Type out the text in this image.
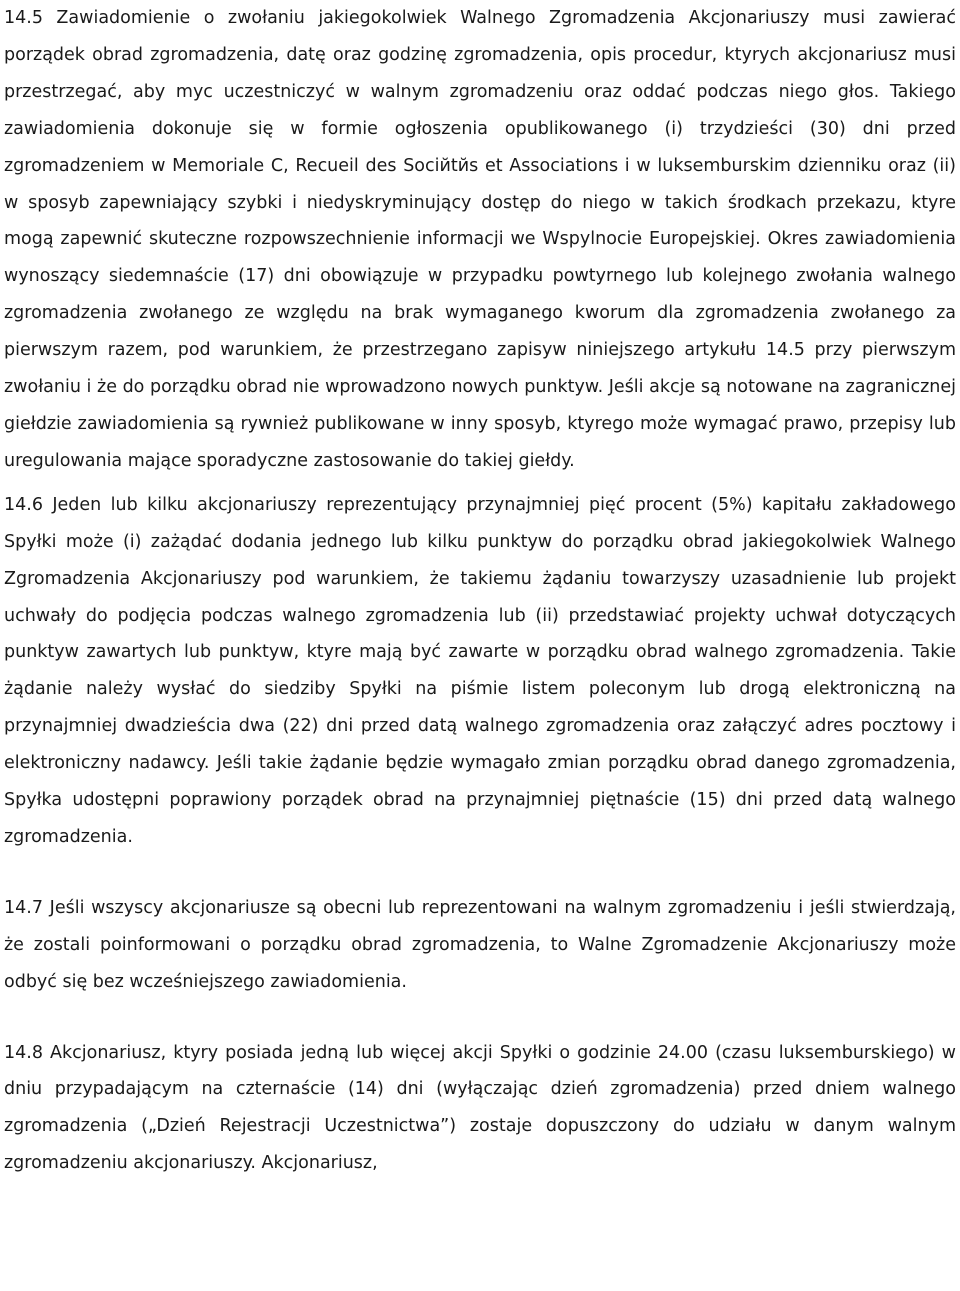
14.5 Zawiadomienie o zwołaniu jakiegokolwiek Walnego Zgromadzenia Akcjonariuszy musi zawierać porządek obrad zgromadzenia, datę oraz godzinę zgromadzenia, opis procedur, ktyrych akcjonariusz musi przestrzegać, aby myc uczestniczyć w walnym zgromadzeniu oraz oddać podczas niego głos. Takiego zawiadomienia dokonuje się w formie ogłoszenia opublikowanego (i) trzydzieści (30) dni przed zgromadzeniem w Memoriale C, Recueil des Sociйtйs et Associations i w luksemburskim dzienniku oraz (ii) w sposyb zapewniający szybki i niedyskryminujący dostęp do niego w takich środkach przekazu, ktyre mogą zapewnić skuteczne rozpowszechnienie informacji we Wspylnocie Europejskiej. Okres zawiadomienia wynoszący siedemnaście (17) dni obowiązuje w przypadku powtyrnego lub kolejnego zwołania walnego zgromadzenia zwołanego ze względu na brak wymaganego kworum dla zgromadzenia zwołanego za pierwszym razem, pod warunkiem, że przestrzegano zapisyw niniejszego artykułu 14.5 przy pierwszym zwołaniu i że do porządku obrad nie wprowadzono nowych punktyw. Jeśli akcje są notowane na zagranicznej giełdzie zawiadomienia są rywnież publikowane w inny sposyb, ktyrego może wymagać prawo, przepisy lub uregulowania mające sporadyczne zastosowanie do takiej giełdy.

14.6 Jeden lub kilku akcjonariuszy reprezentujący przynajmniej pięć procent (5%) kapitału zakładowego Spyłki może (i) zażądać dodania jednego lub kilku punktyw do porządku obrad jakiegokolwiek Walnego Zgromadzenia Akcjonariuszy pod warunkiem, że takiemu żądaniu towarzyszy uzasadnienie lub projekt uchwały do podjęcia podczas walnego zgromadzenia lub (ii) przedstawiać projekty uchwał dotyczących punktyw zawartych lub punktyw, ktyre mają być zawarte w porządku obrad walnego zgromadzenia. Takie żądanie należy wysłać do siedziby Spyłki na piśmie listem poleconym lub drogą elektroniczną na przynajmniej dwadzieścia dwa (22) dni przed datą walnego zgromadzenia oraz załączyć adres pocztowy i elektroniczny nadawcy. Jeśli takie żądanie będzie wymagało zmian porządku obrad danego zgromadzenia, Spyłka udostępni poprawiony porządek obrad na przynajmniej piętnaście (15) dni przed datą walnego zgromadzenia.

14.7 Jeśli wszyscy akcjonariusze są obecni lub reprezentowani na walnym zgromadzeniu i jeśli stwierdzają, że zostali poinformowani o porządku obrad zgromadzenia, to Walne Zgromadzenie Akcjonariuszy może odbyć się bez wcześniejszego zawiadomienia.

14.8 Akcjonariusz, ktyry posiada jedną lub więcej akcji Spyłki o godzinie 24.00 (czasu luksemburskiego) w dniu przypadającym na czternaście (14) dni (wyłączając dzień zgromadzenia) przed dniem walnego zgromadzenia („Dzień Rejestracji Uczestnictwa”) zostaje dopuszczony do udziału w danym walnym zgromadzeniu akcjonariuszy. Akcjonariusz,
